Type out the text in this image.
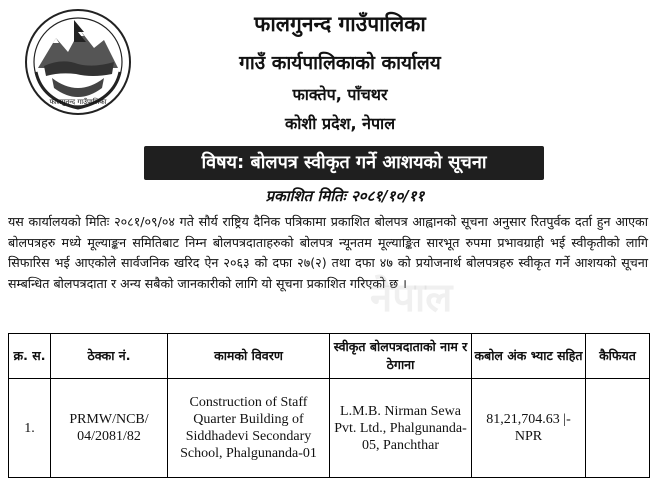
फालगुनन्द गाउँपालिका
फालगुनन्द गाउँपालिका
गाउँ कार्यपालिकाको कार्यालय
फाक्तेप, पाँचथर
कोशी प्रदेश, नेपाल
विषय: बोलपत्र स्वीकृत गर्ने आशयको सूचना
प्रकाशित मितिः २०८१/१०/११
यस कार्यालयको मितिः २०८१/०९/०४ गते सौर्य राष्ट्रिय दैनिक पत्रिकामा प्रकाशित बोलपत्र आह्वानको सूचना अनुसार रितपुर्वक दर्ता हुन आएका बोलपत्रहरु मध्ये मूल्याङ्कन समितिबाट निम्न बोलपत्रदाताहरुको बोलपत्र न्यूनतम मूल्याङ्कित सारभूत रुपमा प्रभावग्राही भई स्वीकृतीको लागि सिफारिस भई आएकोले सार्वजनिक खरिद ऐन २०६३ को दफा २७(२) तथा दफा ४७ को प्रयोजनार्थ बोलपत्रहरु स्वीकृत गर्ने आशयको सूचना सम्बन्धित बोलपत्रदाता र अन्य सबैको जानकारीको लागि यो सूचना प्रकाशित गरिएको छ ।
नेपाल
क्र. स.	ठेक्का नं.	कामको विवरण	स्वीकृत बोलपत्रदाताको नाम र ठेगाना	कबोल अंक भ्याट सहित	कैफियत
1.	PRMW/NCB/ 04/2081/82	Construction of Staff Quarter Building of Siddhadevi Secondary School, Phalgunanda-01	L.M.B. Nirman Sewa Pvt. Ltd., Phalgunanda-05, Panchthar	81,21,704.63 |- NPR	
